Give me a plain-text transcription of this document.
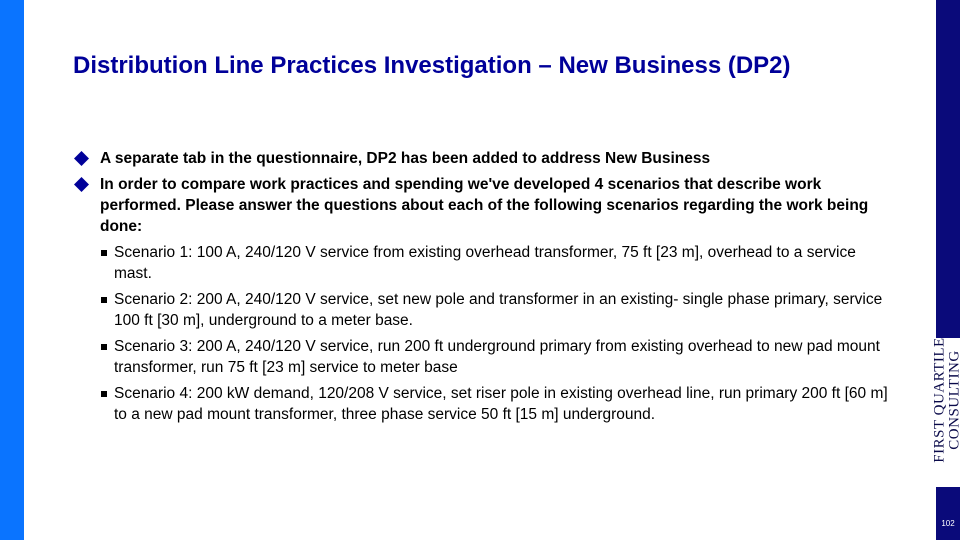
FIRST QUARTILE CONSULTING
102
Distribution Line Practices Investigation – New Business (DP2)
A separate tab in the questionnaire, DP2 has been added to address New Business
In order to compare work practices and spending we've developed 4 scenarios that describe work performed. Please answer the questions about each of the following scenarios regarding the work being done:
Scenario 1: 100 A, 240/120 V service from existing overhead transformer, 75 ft [23 m], overhead to a service mast.
Scenario 2: 200 A, 240/120 V service, set new pole and transformer in an existing- single phase primary, service 100 ft [30 m], underground to a meter base.
Scenario 3: 200 A, 240/120 V service, run 200 ft underground primary from existing overhead to new pad mount transformer, run 75 ft [23 m] service to meter base
Scenario 4: 200 kW demand, 120/208 V service, set riser pole in existing overhead line, run primary 200 ft [60 m] to a new pad mount transformer, three phase service 50 ft [15 m] underground.
